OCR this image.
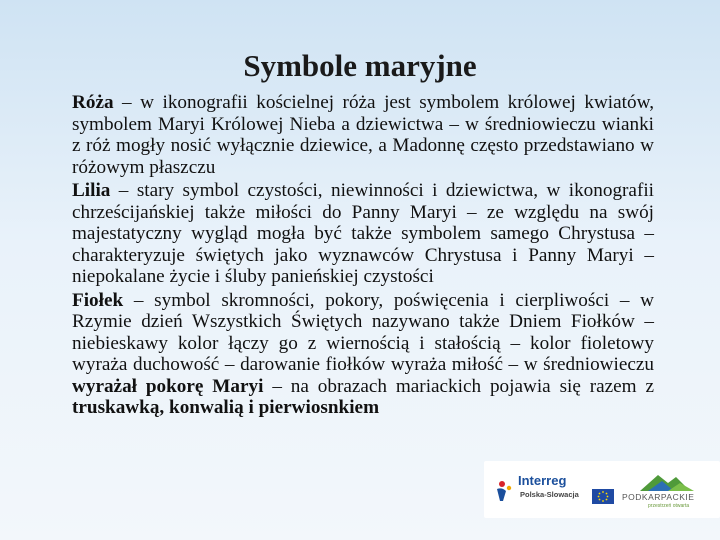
Symbole maryjne

Róża – w ikonografii kościelnej róża jest symbolem królowej kwiatów, symbolem Maryi Królowej Nieba a dziewictwa – w średniowieczu wianki z róż mogły nosić wyłącznie dziewice, a Madonnę często przedstawiano w różowym płaszczu

Lilia – stary symbol czystości, niewinności i dziewictwa, w ikonografii chrześcijańskiej także miłości do Panny Maryi – ze względu na swój majestatyczny wygląd mogła być także symbolem samego Chrystusa – charakteryzuje świętych jako wyznawców Chrystusa i Panny Maryi – niepokalane życie i śluby panieńskiej czystości

Fiołek – symbol skromności, pokory, poświęcenia i cierpliwości – w Rzymie dzień Wszystkich Świętych nazywano także Dniem Fiołków – niebieskawy kolor łączy go z wiernością i stałością – kolor fioletowy wyraża duchowość – darowanie fiołków wyraża miłość – w średniowieczu wyrażał pokorę Maryi – na obrazach mariackich pojawia się razem z truskawką, konwalią i pierwiosnkiem

Interreg
Polska-Slowacja	PODKARPACKIE
przestrzeń otwarta
